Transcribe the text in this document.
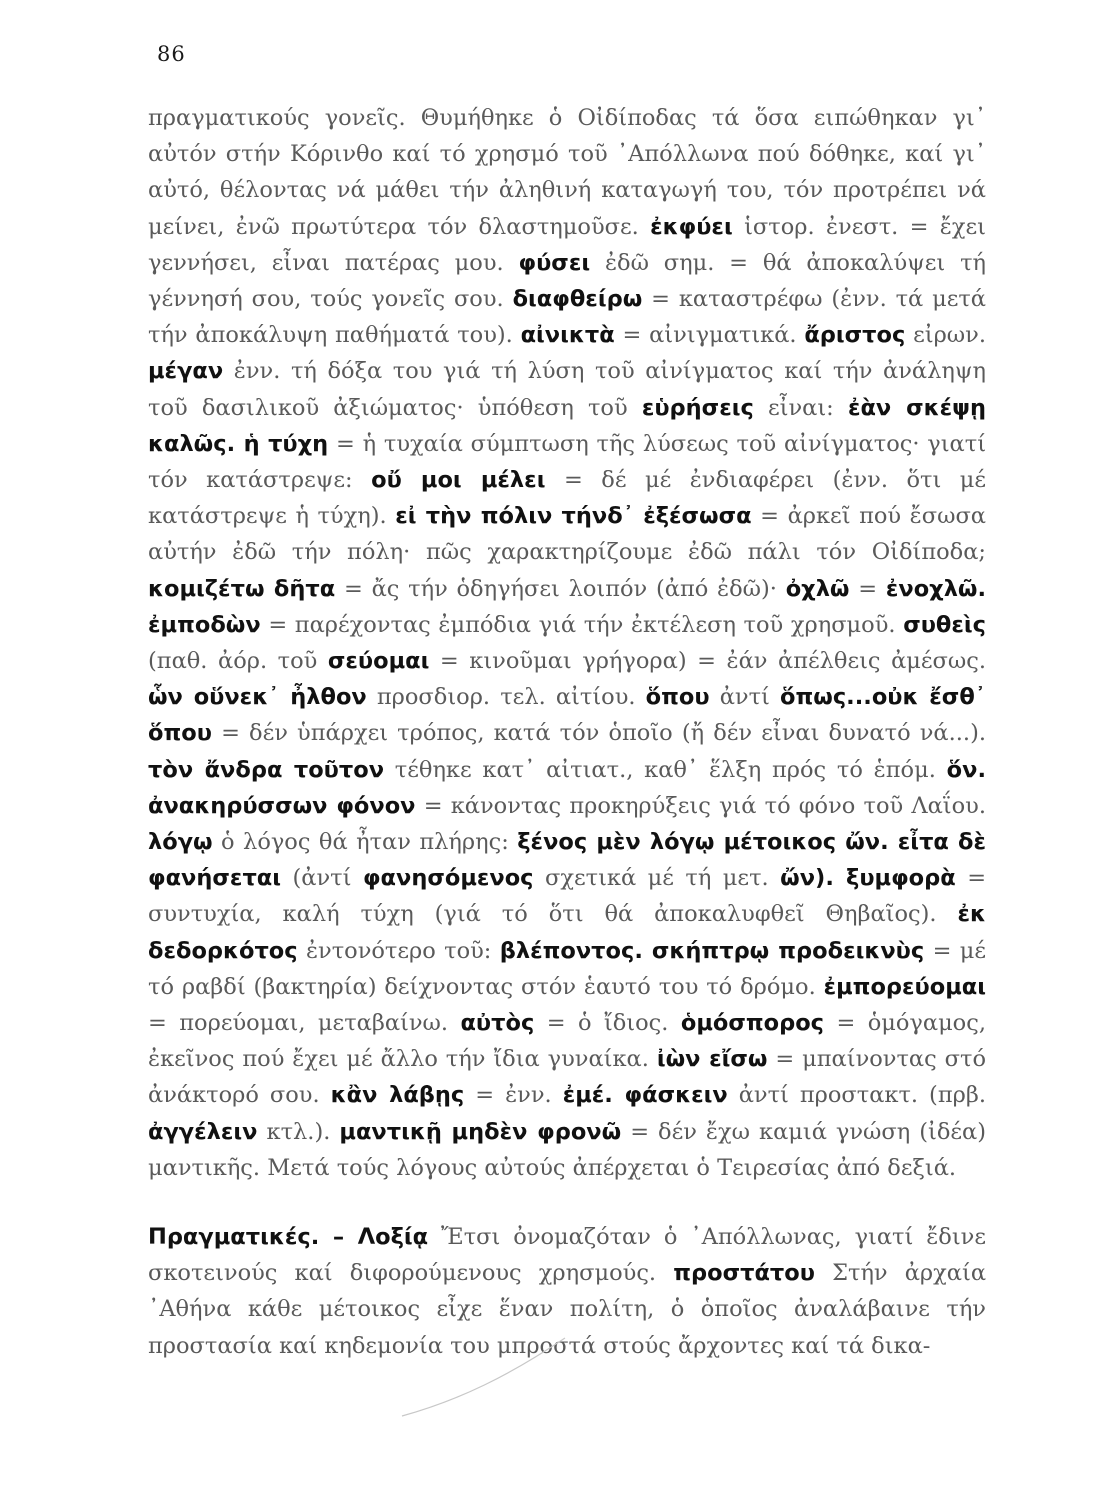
86

πραγματικούς γονεῖς. Θυμήθηκε ὁ Οἰδίποδας τά ὅσα ειπώθηκαν γι᾿ αὐτόν στήν Κόρινθο καί τό χρησμό τοῦ ᾿Απόλλωνα πού δόθηκε, καί γι᾿ αὐτό, θέλοντας νά μάθει τήν ἀληθινή καταγωγή του, τόν προτρέπει νά μείνει, ἐνῶ πρωτύτερα τόν δλαστημοῦσε. ἐκφύει ἱστορ. ἐνεστ. = ἔχει γεννήσει, εἶναι πατέρας μου. φύσει ἐδῶ σημ. = θά ἀποκαλύψει τή γέννησή σου, τούς γονεῖς σου. διαφθείρω = καταστρέφω (ἐνν. τά μετά τήν ἀποκάλυψη παθήματά του). αἰνικτὰ = αἰνιγματικά. ἄριστος εἰρων. μέγαν ἐνν. τή δόξα του γιά τή λύση τοῦ αἰνίγματος καί τήν ἀνάληψη τοῦ δασιλικοῦ ἀξιώματος· ὑπόθεση τοῦ εὑρήσεις εἶναι: ἐὰν σκέψῃ καλῶς. ἡ τύχη = ἡ τυχαία σύμπτωση τῆς λύσεως τοῦ αἰνίγματος· γιατί τόν κατάστρεψε: οὔ μοι μέλει = δέ μέ ἐνδιαφέρει (ἐνν. ὅτι μέ κατάστρεψε ἡ τύχη). εἰ τὴν πόλιν τήνδ᾿ ἐξέσωσα = ἀρκεῖ πού ἔσωσα αὐτήν ἐδῶ τήν πόλη· πῶς χαρακτηρίζουμε ἐδῶ πάλι τόν Οἰδίποδα; κομιζέτω δῆτα = ἄς τήν ὁδηγήσει λοιπόν (ἀπό ἐδῶ)· ὀχλῶ = ἐνοχλῶ. ἐμποδὼν = παρέχοντας ἐμπόδια γιά τήν ἐκτέλεση τοῦ χρησμοῦ. συθεὶς (παθ. ἀόρ. τοῦ σεύομαι = κινοῦμαι γρήγορα) = ἐάν ἀπέλθεις ἀμέσως. ὧν οὕνεκ᾿ ἦλθον προσδιορ. τελ. αἰτίου. ὅπου ἀντί ὅπως...οὐκ ἔσθ᾿ ὅπου = δέν ὑπάρχει τρόπος, κατά τόν ὁποῖο (ἤ δέν εἶναι δυνατό νά...). τὸν ἄνδρα τοῦτον τέθηκε κατ᾿ αἰτιατ., καθ᾿ ἕλξη πρός τό ἑπόμ. ὅν. ἀνακηρύσσων φόνον = κάνοντας προκηρύξεις γιά τό φόνο τοῦ Λαΐου. λόγῳ ὁ λόγος θά ἦταν πλήρης: ξένος μὲν λόγῳ μέτοικος ὤν. εἶτα δὲ φανήσεται (ἀντί φανησόμενος σχετικά μέ τή μετ. ὤν). ξυμφορὰ = συντυχία, καλή τύχη (γιά τό ὅτι θά ἀποκαλυφθεῖ Θηβαῖος). ἐκ δεδορκότος ἐντονότερο τοῦ: βλέποντος. σκήπτρῳ προδεικνὺς = μέ τό ραβδί (βακτηρία) δείχνοντας στόν ἑαυτό του τό δρόμο. ἐμπορεύομαι = πορεύομαι, μεταβαίνω. αὐτὸς = ὁ ἴδιος. ὁμόσπορος = ὁμόγαμος, ἐκεῖνος πού ἔχει μέ ἄλλο τήν ἴδια γυναίκα. ἰὼν εἴσω = μπαίνοντας στό ἀνάκτορό σου. κἂν λάβῃς = ἐνν. ἐμέ. φάσκειν ἀντί προστακτ. (πρβ. ἀγγέλειν κτλ.). μαντικῇ μηδὲν φρονῶ = δέν ἔχω καμιά γνώση (ἰδέα) μαντικῆς. Μετά τούς λόγους αὐτούς ἀπέρχεται ὁ Τειρεσίας ἀπό δεξιά.

Πραγματικές. – Λοξίᾳ Ἔτσι ὀνομαζόταν ὁ ᾿Απόλλωνας, γιατί ἔδινε σκοτεινούς καί διφορούμενους χρησμούς. προστάτου Στήν ἀρχαία ᾿Αθήνα κάθε μέτοικος εἶχε ἕναν πολίτη, ὁ ὁποῖος ἀναλάβαινε τήν προστασία καί κηδεμονία του μπροστά στούς ἄρχοντες καί τά δικα-
